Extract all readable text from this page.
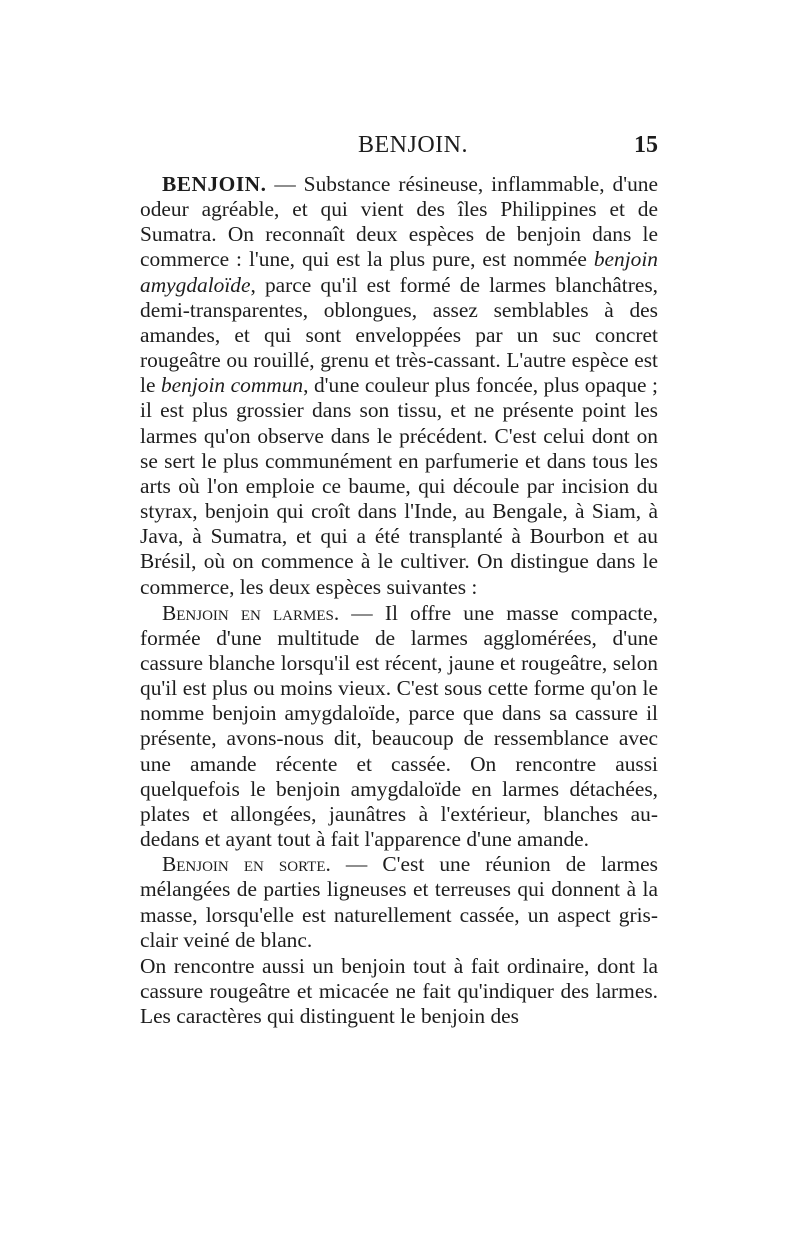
BENJOIN.	15

BENJOIN. — Substance résineuse, inflammable, d'une odeur agréable, et qui vient des îles Philippines et de Sumatra. On reconnaît deux espèces de benjoin dans le commerce : l'une, qui est la plus pure, est nommée benjoin amygdaloïde, parce qu'il est formé de larmes blanchâtres, demi-transparentes, oblongues, assez semblables à des amandes, et qui sont enveloppées par un suc concret rougeâtre ou rouillé, grenu et très-cassant. L'autre espèce est le benjoin commun, d'une couleur plus foncée, plus opaque ; il est plus grossier dans son tissu, et ne présente point les larmes qu'on observe dans le précédent. C'est celui dont on se sert le plus communément en parfumerie et dans tous les arts où l'on emploie ce baume, qui découle par incision du styrax, benjoin qui croît dans l'Inde, au Bengale, à Siam, à Java, à Sumatra, et qui a été transplanté à Bourbon et au Brésil, où on commence à le cultiver. On distingue dans le commerce, les deux espèces suivantes :

Benjoin en larmes. — Il offre une masse compacte, formée d'une multitude de larmes agglomérées, d'une cassure blanche lorsqu'il est récent, jaune et rougeâtre, selon qu'il est plus ou moins vieux. C'est sous cette forme qu'on le nomme benjoin amygdaloïde, parce que dans sa cassure il présente, avons-nous dit, beaucoup de ressemblance avec une amande récente et cassée. On rencontre aussi quelquefois le benjoin amygdaloïde en larmes détachées, plates et allongées, jaunâtres à l'extérieur, blanches au-dedans et ayant tout à fait l'apparence d'une amande.

Benjoin en sorte. — C'est une réunion de larmes mélangées de parties ligneuses et terreuses qui donnent à la masse, lorsqu'elle est naturellement cassée, un aspect gris-clair veiné de blanc.

On rencontre aussi un benjoin tout à fait ordinaire, dont la cassure rougeâtre et micacée ne fait qu'indiquer des larmes. Les caractères qui distinguent le benjoin des
